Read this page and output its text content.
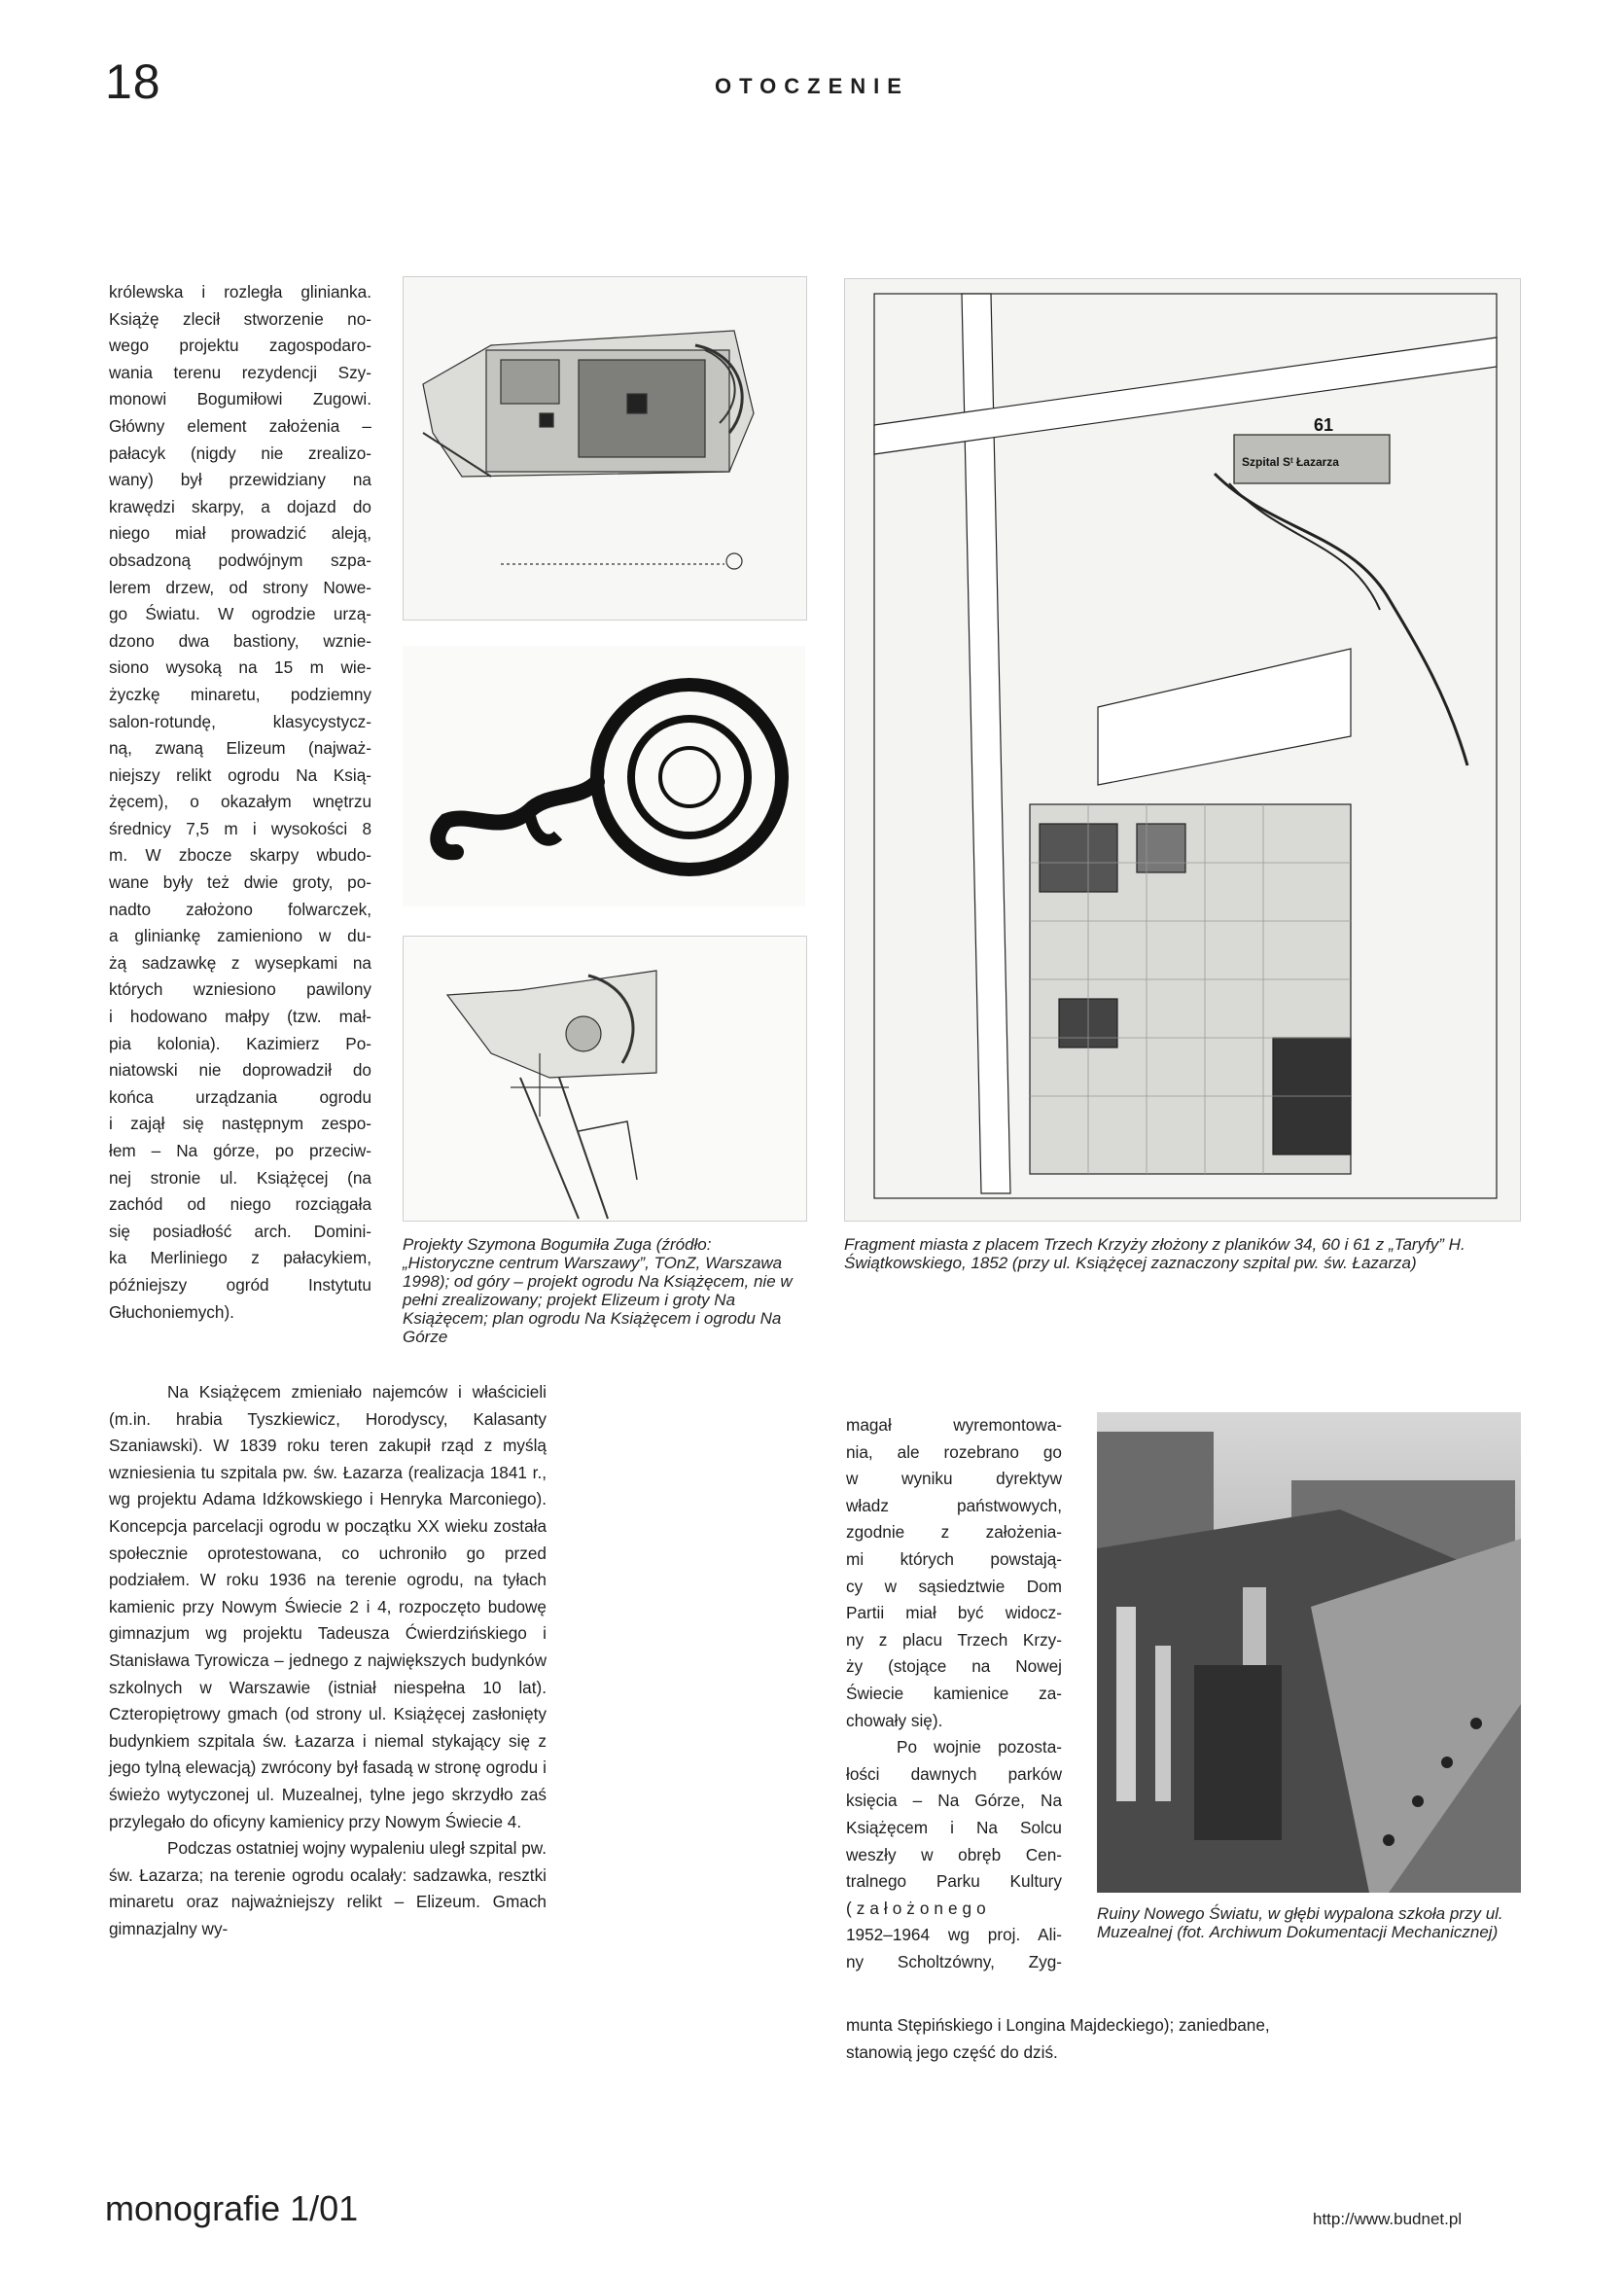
18	OTOCZENIE
królewska i rozległa glinianka.
Książę zlecił stworzenie no-
wego projektu zagospodaro-
wania terenu rezydencji Szy-
monowi Bogumiłowi Zugowi.
Główny element założenia –
pałacyk (nigdy nie zrealizo-
wany) był przewidziany na
krawędzi skarpy, a dojazd do
niego miał prowadzić aleją,
obsadzoną podwójnym szpa-
lerem drzew, od strony Nowe-
go Światu. W ogrodzie urzą-
dzono dwa bastiony, wznie-
siono wysoką na 15 m wie-
życzkę minaretu, podziemny
salon-rotundę, klasycystycz-
ną, zwaną Elizeum (najważ-
niejszy relikt ogrodu Na Ksią-
żęcem), o okazałym wnętrzu
średnicy 7,5 m i wysokości 8
m. W zbocze skarpy wbudo-
wane były też dwie groty, po-
nadto założono folwarczek,
a gliniankę zamieniono w du-
żą sadzawkę z wysepkami na
których wzniesiono pawilony
i hodowano małpy (tzw. mał-
pia kolonia). Kazimierz Po-
niatowski nie doprowadził do
końca urządzania ogrodu
i zajął się następnym zespo-
łem – Na górze, po przeciw-
nej stronie ul. Książęcej (na
zachód od niego rozciągała
się posiadłość arch. Domini-
ka Merliniego z pałacykiem,
późniejszy ogród Instytutu
Głuchoniemych).

Na Książęcem zmieniało najemców i właścicieli (m.in. hrabia Tyszkiewicz, Horodyscy, Kalasanty Szaniawski). W 1839 roku teren zakupił rząd z myślą wzniesienia tu szpitala pw. św. Łazarza (realizacja 1841 r., wg projektu Adama Idźkowskiego i Henryka Marconiego). Koncepcja parcelacji ogrodu w początku XX wieku została społecznie oprotestowana, co uchroniło go przed podziałem. W roku 1936 na terenie ogrodu, na tyłach kamienic przy Nowym Świecie 2 i 4, rozpoczęto budowę gimnazjum wg projektu Tadeusza Ćwierdzińskiego i Stanisława Tyrowicza – jednego z największych budynków szkolnych w Warszawie (istniał niespełna 10 lat). Czteropiętrowy gmach (od strony ul. Książęcej zasłonięty budynkiem szpitala św. Łazarza i niemal stykający się z jego tylną elewacją) zwrócony był fasadą w stronę ogrodu i świeżo wytyczonej ul. Muzealnej, tylne jego skrzydło zaś przylegało do oficyny kamienicy przy Nowym Świecie 4.

Podczas ostatniej wojny wypaleniu uległ szpital pw. św. Łazarza; na terenie ogrodu ocalały: sadzawka, resztki minaretu oraz najważniejszy relikt – Elizeum. Gmach gimnazjalny wy-

Projekty Szymona Bogumiła Zuga (źródło: „Historyczne centrum Warszawy”, TOnZ, Warszawa 1998); od góry – projekt ogrodu Na Książęcem, nie w pełni zrealizowany; projekt Elizeum i groty Na Książęcem; plan ogrodu Na Książęcem i ogrodu Na Górze
61
Szpital Sᵗ Łazarza
Fragment miasta z placem Trzech Krzyży złożony z planików 34, 60 i 61 z „Taryfy” H. Świątkowskiego, 1852 (przy ul. Książęcej zaznaczony szpital pw. św. Łazarza)
magał wyremontowa-
nia, ale rozebrano go
w wyniku dyrektyw
władz państwowych,
zgodnie z założenia-
mi których powstają-
cy w sąsiedztwie Dom
Partii miał być widocz-
ny z placu Trzech Krzy-
ży (stojące na Nowej
Świecie kamienice za-
chowały się).
Po wojnie pozosta-
łości dawnych parków
księcia – Na Górze, Na
Książęcem i Na Solcu
weszły w obręb Cen-
tralnego Parku Kultury
(założonego
1952–1964 wg proj. Ali-
ny Scholtzówny, Zyg-
munta Stępińskiego i Longina Majdeckiego); zaniedbane, stanowią jego część do dziś.
Ruiny Nowego Światu, w głębi wypalona szkoła przy ul. Muzealnej (fot. Archiwum Dokumentacji Mechanicznej)
monografie 1/01	http://www.budnet.pl
